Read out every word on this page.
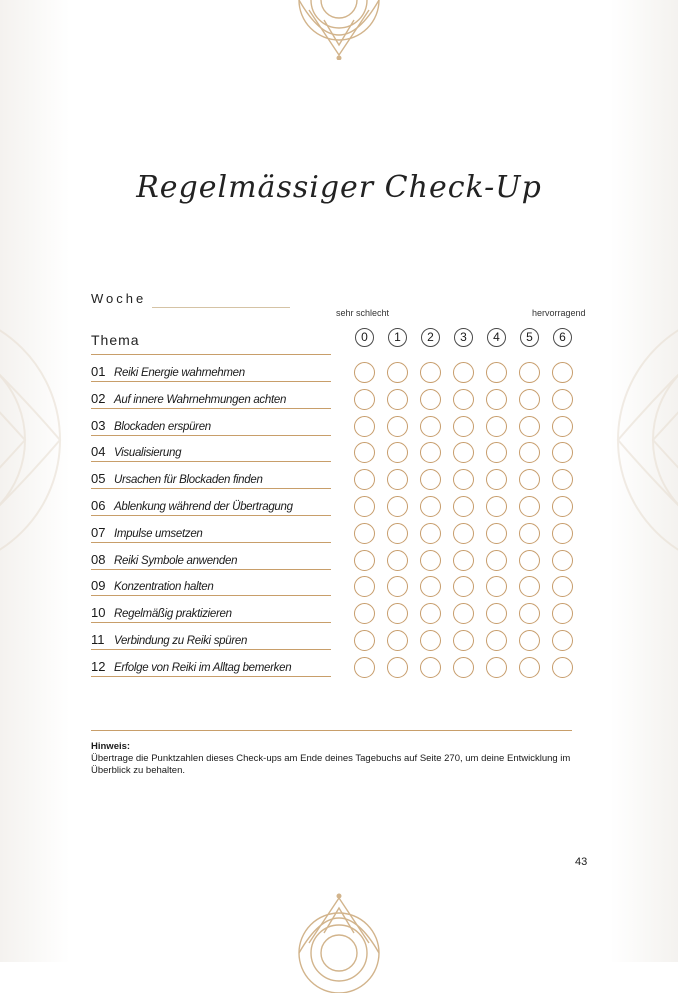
Regelmässiger Check-Up
Woche
sehr schlecht	hervorragend
Thema	0	1	2	3	4	5	6
01 Reiki Energie wahrnehmen
02 Auf innere Wahrnehmungen achten
03 Blockaden erspüren
04 Visualisierung
05 Ursachen für Blockaden finden
06 Ablenkung während der Übertragung
07 Impulse umsetzen
08 Reiki Symbole anwenden
09 Konzentration halten
10 Regelmäßig praktizieren
11 Verbindung zu Reiki spüren
12 Erfolge von Reiki im Alltag bemerken
Hinweis:
Übertrage die Punktzahlen dieses Check-ups am Ende deines Tagebuchs auf Seite 270, um deine Entwicklung im Überblick zu behalten.
43
